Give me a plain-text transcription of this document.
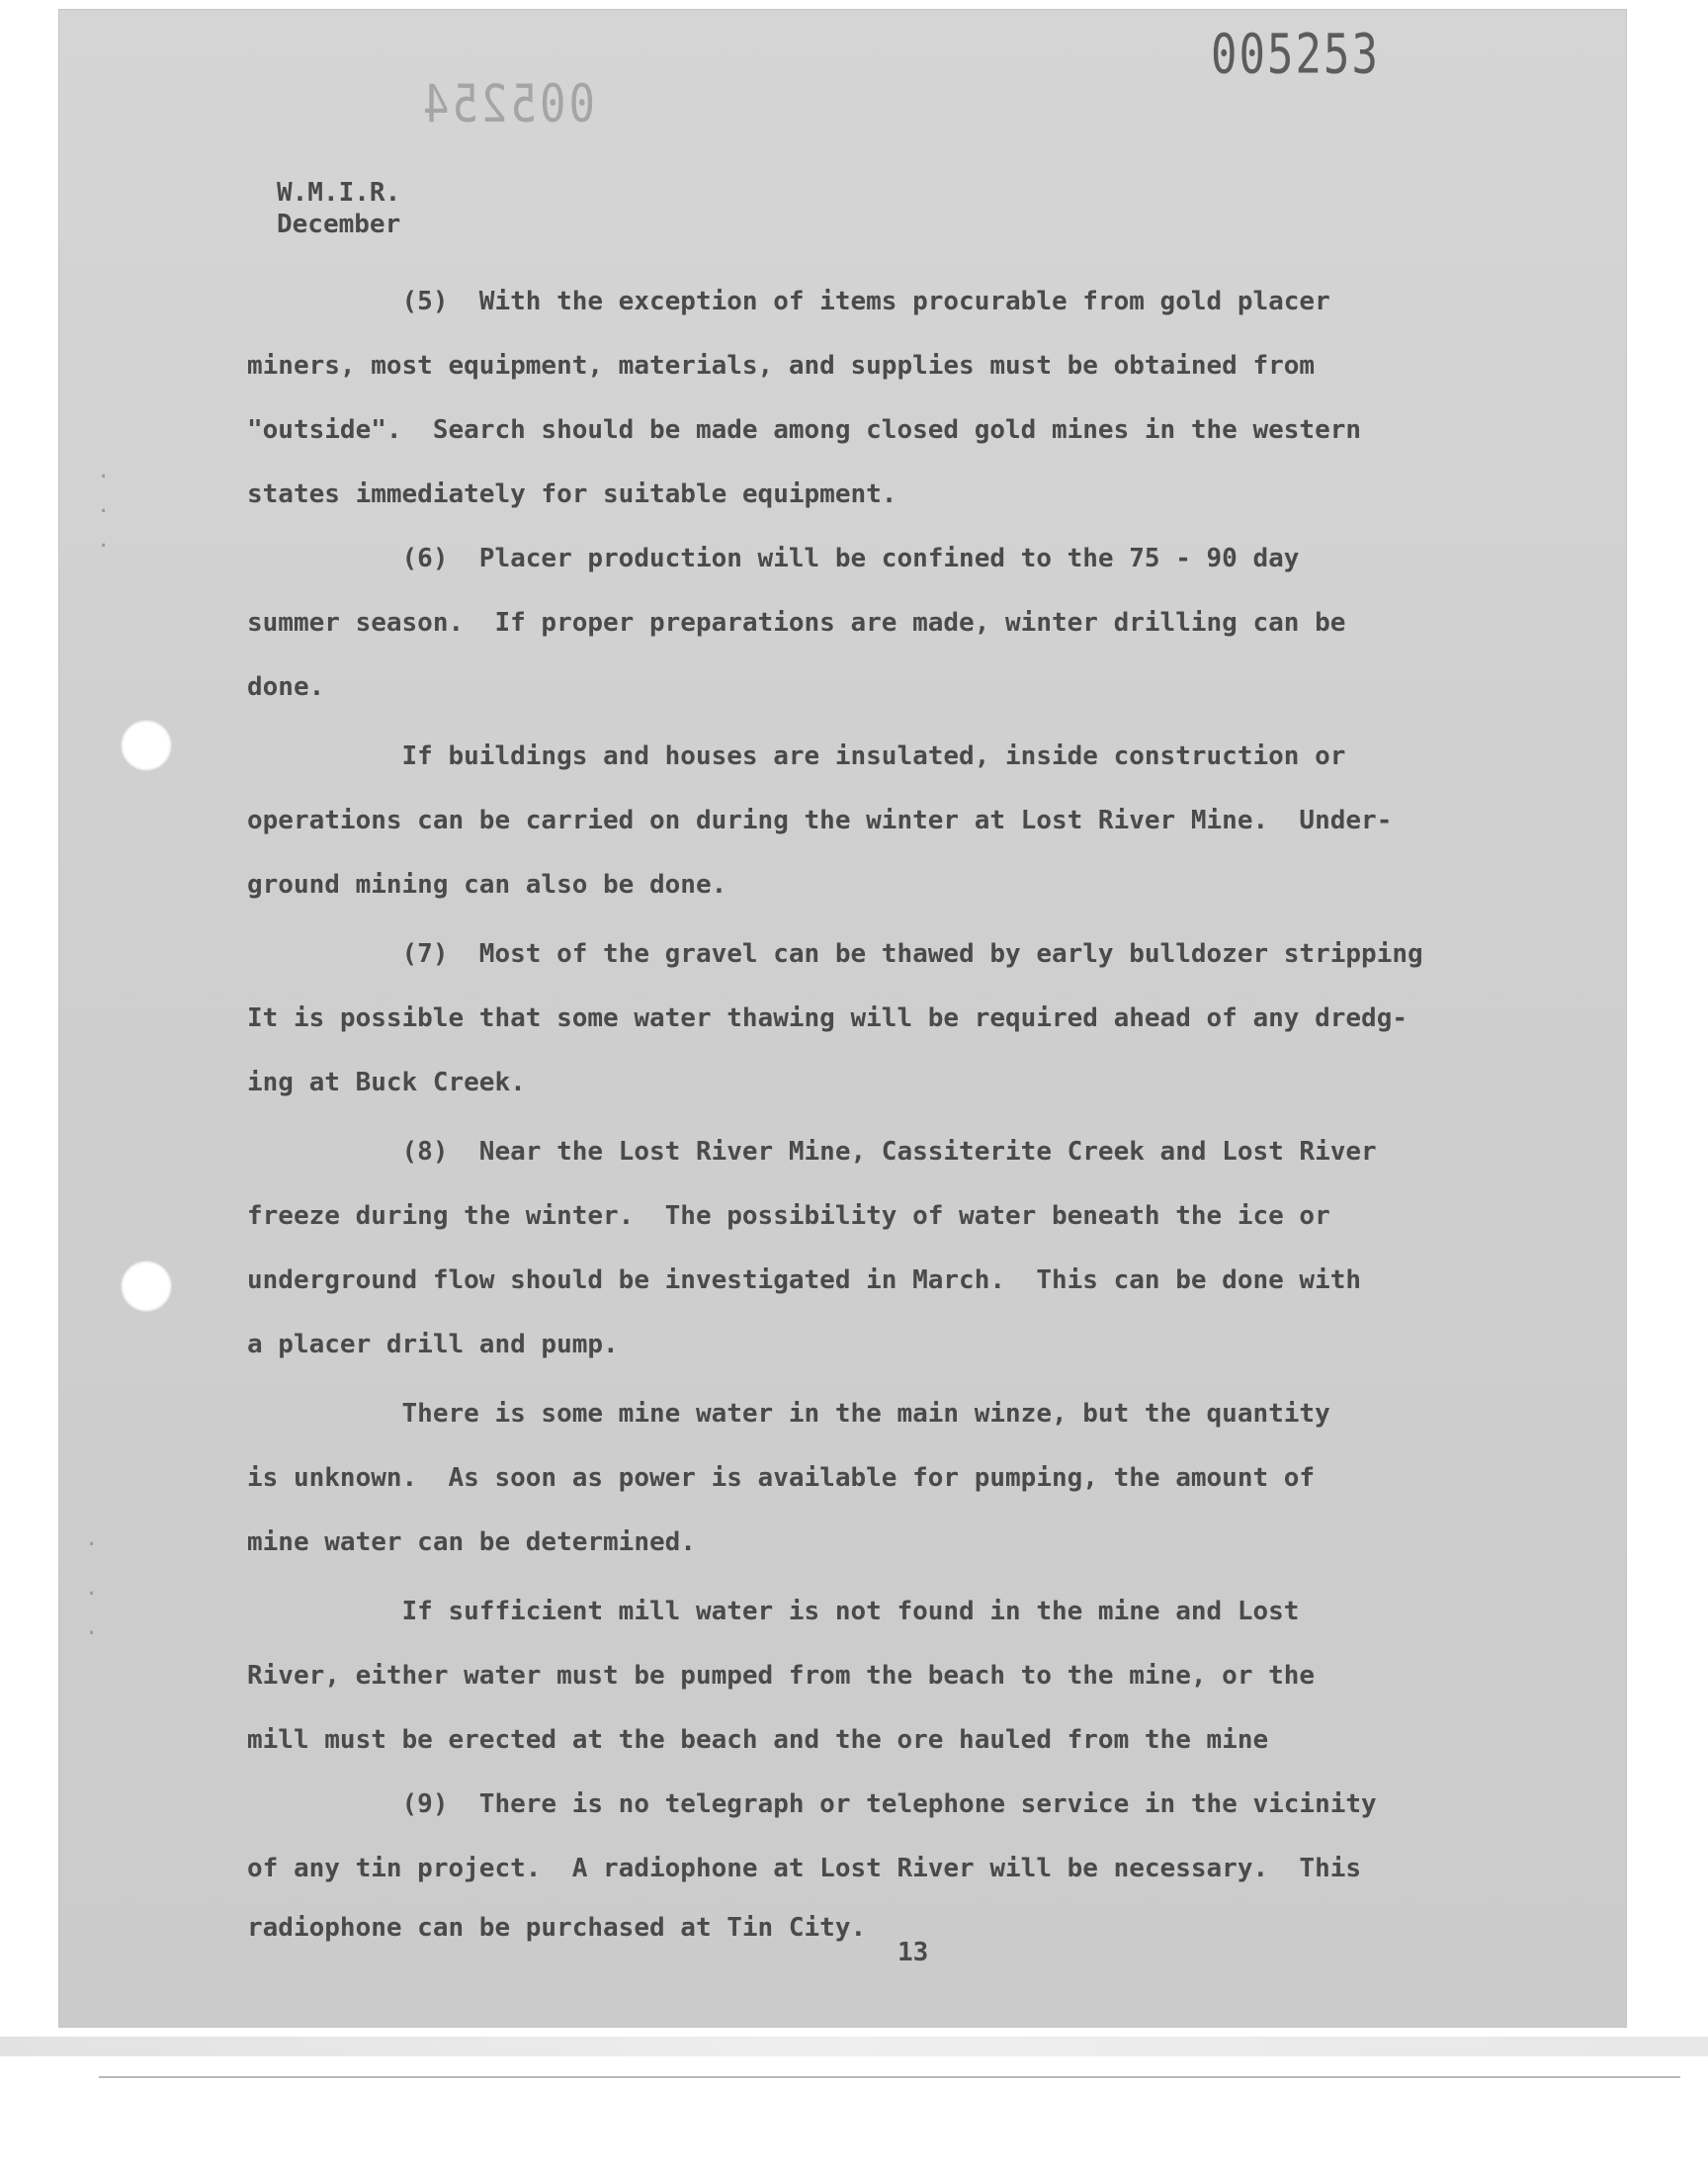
·
·
·
·
·
·
005253
005254
W.M.I.R.
December
(5)  With the exception of items procurable from gold placer
miners, most equipment, materials, and supplies must be obtained from
"outside".  Search should be made among closed gold mines in the western
states immediately for suitable equipment.
(6)  Placer production will be confined to the 75 - 90 day
summer season.  If proper preparations are made, winter drilling can be
done.
If buildings and houses are insulated, inside construction or
operations can be carried on during the winter at Lost River Mine.  Under-
ground mining can also be done.
(7)  Most of the gravel can be thawed by early bulldozer stripping
It is possible that some water thawing will be required ahead of any dredg-
ing at Buck Creek.
(8)  Near the Lost River Mine, Cassiterite Creek and Lost River
freeze during the winter.  The possibility of water beneath the ice or
underground flow should be investigated in March.  This can be done with
a placer drill and pump.
There is some mine water in the main winze, but the quantity
is unknown.  As soon as power is available for pumping, the amount of
mine water can be determined.
If sufficient mill water is not found in the mine and Lost
River, either water must be pumped from the beach to the mine, or the
mill must be erected at the beach and the ore hauled from the mine
(9)  There is no telegraph or telephone service in the vicinity
of any tin project.  A radiophone at Lost River will be necessary.  This
radiophone can be purchased at Tin City.
13
